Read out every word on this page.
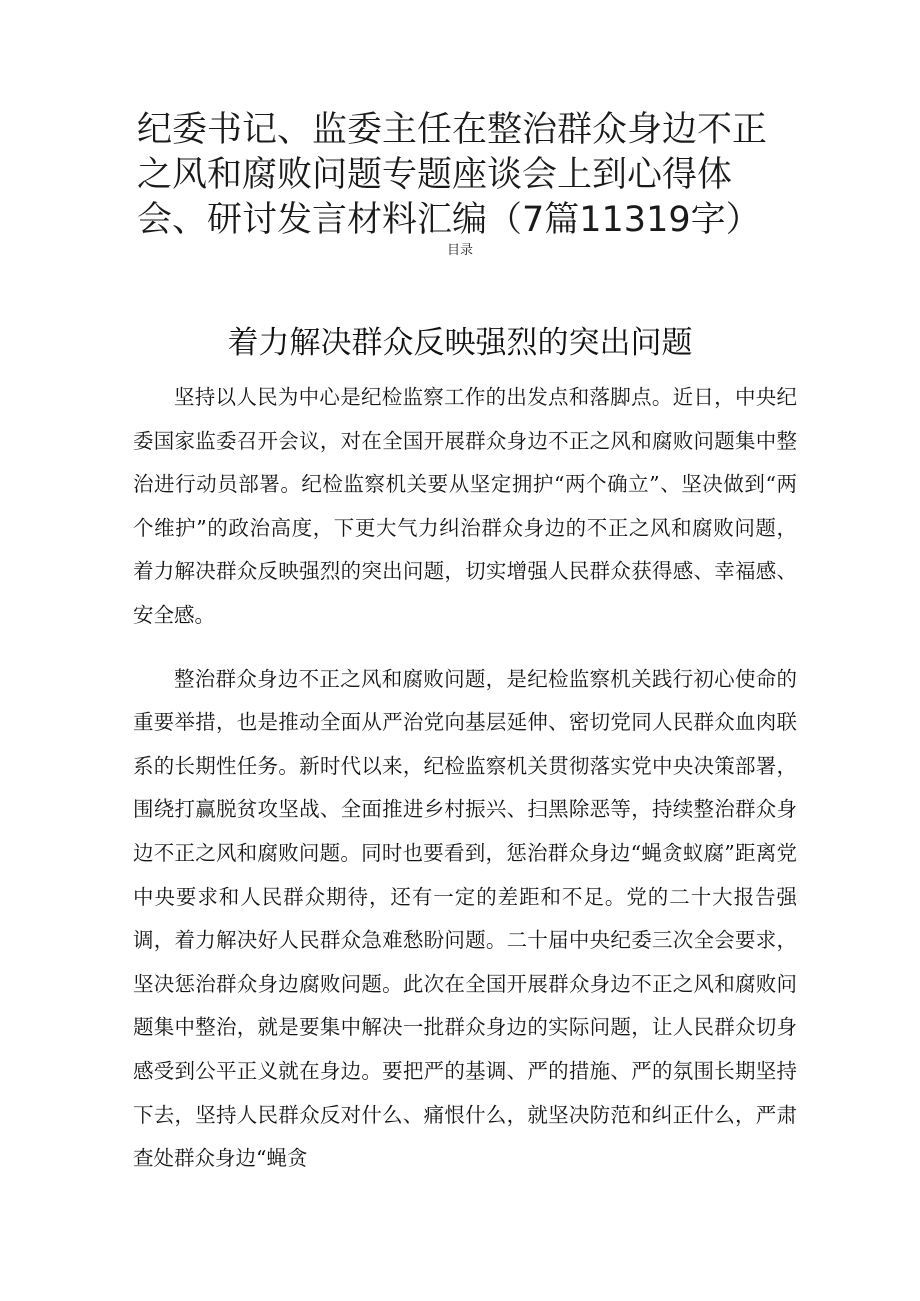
纪委书记、监委主任在整治群众身边不正之风和腐败问题专题座谈会上到心得体会、研讨发言材料汇编（7篇11319字）
目录
着力解决群众反映强烈的突出问题

坚持以人民为中心是纪检监察工作的出发点和落脚点。近日，中央纪委国家监委召开会议，对在全国开展群众身边不正之风和腐败问题集中整治进行动员部署。纪检监察机关要从坚定拥护“两个确立”、坚决做到“两个维护”的政治高度，下更大气力纠治群众身边的不正之风和腐败问题，着力解决群众反映强烈的突出问题，切实增强人民群众获得感、幸福感、安全感。

整治群众身边不正之风和腐败问题，是纪检监察机关践行初心使命的重要举措，也是推动全面从严治党向基层延伸、密切党同人民群众血肉联系的长期性任务。新时代以来，纪检监察机关贯彻落实党中央决策部署，围绕打赢脱贫攻坚战、全面推进乡村振兴、扫黑除恶等，持续整治群众身边不正之风和腐败问题。同时也要看到，惩治群众身边“蝇贪蚁腐”距离党中央要求和人民群众期待，还有一定的差距和不足。党的二十大报告强调，着力解决好人民群众急难愁盼问题。二十届中央纪委三次全会要求，坚决惩治群众身边腐败问题。此次在全国开展群众身边不正之风和腐败问题集中整治，就是要集中解决一批群众身边的实际问题，让人民群众切身感受到公平正义就在身边。要把严的基调、严的措施、严的氛围长期坚持下去，坚持人民群众反对什么、痛恨什么，就坚决防范和纠正什么，严肃查处群众身边“蝇贪
